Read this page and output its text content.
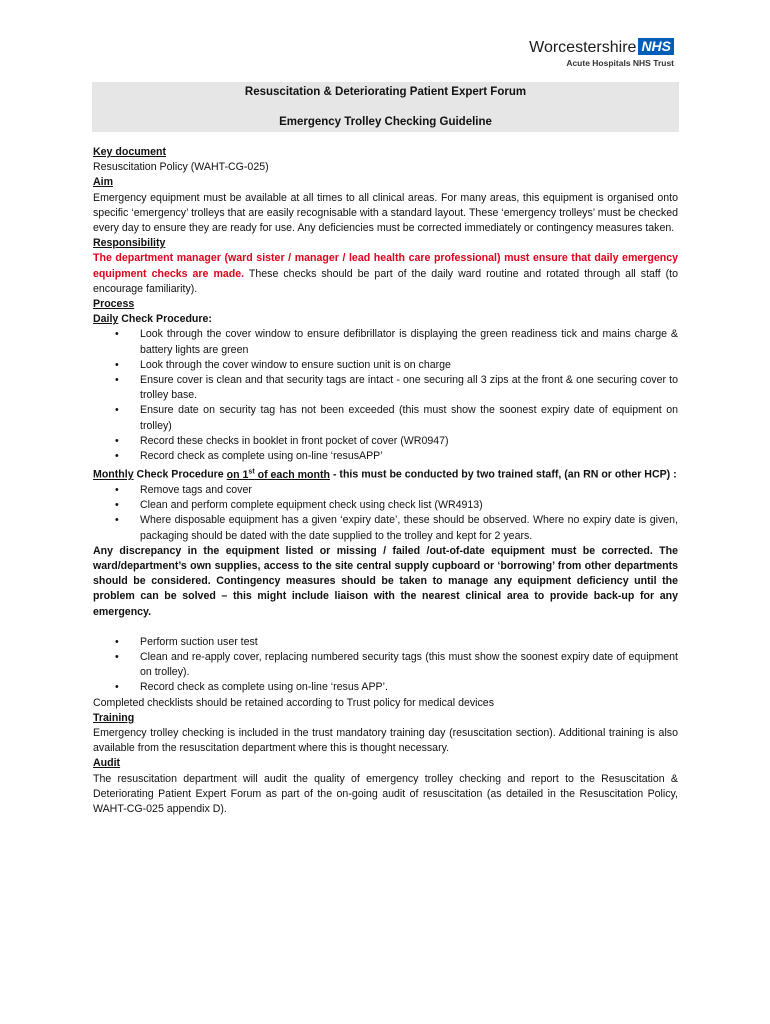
Worcestershire NHS
Acute Hospitals NHS Trust
Resuscitation & Deteriorating Patient Expert Forum
Emergency Trolley Checking Guideline

Key document

Resuscitation Policy (WAHT-CG-025)

Aim

Emergency equipment must be available at all times to all clinical areas. For many areas, this equipment is organised onto specific ‘emergency’ trolleys that are easily recognisable with a standard layout. These ‘emergency trolleys’ must be checked every day to ensure they are ready for use. Any deficiencies must be corrected immediately or contingency measures taken.

Responsibility

The department manager (ward sister / manager / lead health care professional) must ensure that daily emergency equipment checks are made. These checks should be part of the daily ward routine and rotated through all staff (to encourage familiarity).

Process

Daily Check Procedure:

• Look through the cover window to ensure defibrillator is displaying the green readiness tick and mains charge & battery lights are green
• Look through the cover window to ensure suction unit is on charge
• Ensure cover is clean and that security tags are intact - one securing all 3 zips at the front & one securing cover to trolley base.
• Ensure date on security tag has not been exceeded (this must show the soonest expiry date of equipment on trolley)
• Record these checks in booklet in front pocket of cover (WR0947)
• Record check as complete using on-line ‘resusAPP’

Monthly Check Procedure on 1st of each month - this must be conducted by two trained staff, (an RN or other HCP) :

• Remove tags and cover
• Clean and perform complete equipment check using check list (WR4913)
• Where disposable equipment has a given ‘expiry date’, these should be observed. Where no expiry date is given, packaging should be dated with the date supplied to the trolley and kept for 2 years.

Any discrepancy in the equipment listed or missing / failed /out-of-date equipment must be corrected. The ward/department’s own supplies, access to the site central supply cupboard or ‘borrowing’ from other departments should be considered. Contingency measures should be taken to manage any equipment deficiency until the problem can be solved – this might include liaison with the nearest clinical area to provide back-up for any emergency.

• Perform suction user test
• Clean and re-apply cover, replacing numbered security tags (this must show the soonest expiry date of equipment on trolley).
• Record check as complete using on-line ‘resus APP’.

Completed checklists should be retained according to Trust policy for medical devices

Training

Emergency trolley checking is included in the trust mandatory training day (resuscitation section). Additional training is also available from the resuscitation department where this is thought necessary.

Audit

The resuscitation department will audit the quality of emergency trolley checking and report to the Resuscitation & Deteriorating Patient Expert Forum as part of the on-going audit of resuscitation (as detailed in the Resuscitation Policy, WAHT-CG-025 appendix D).
